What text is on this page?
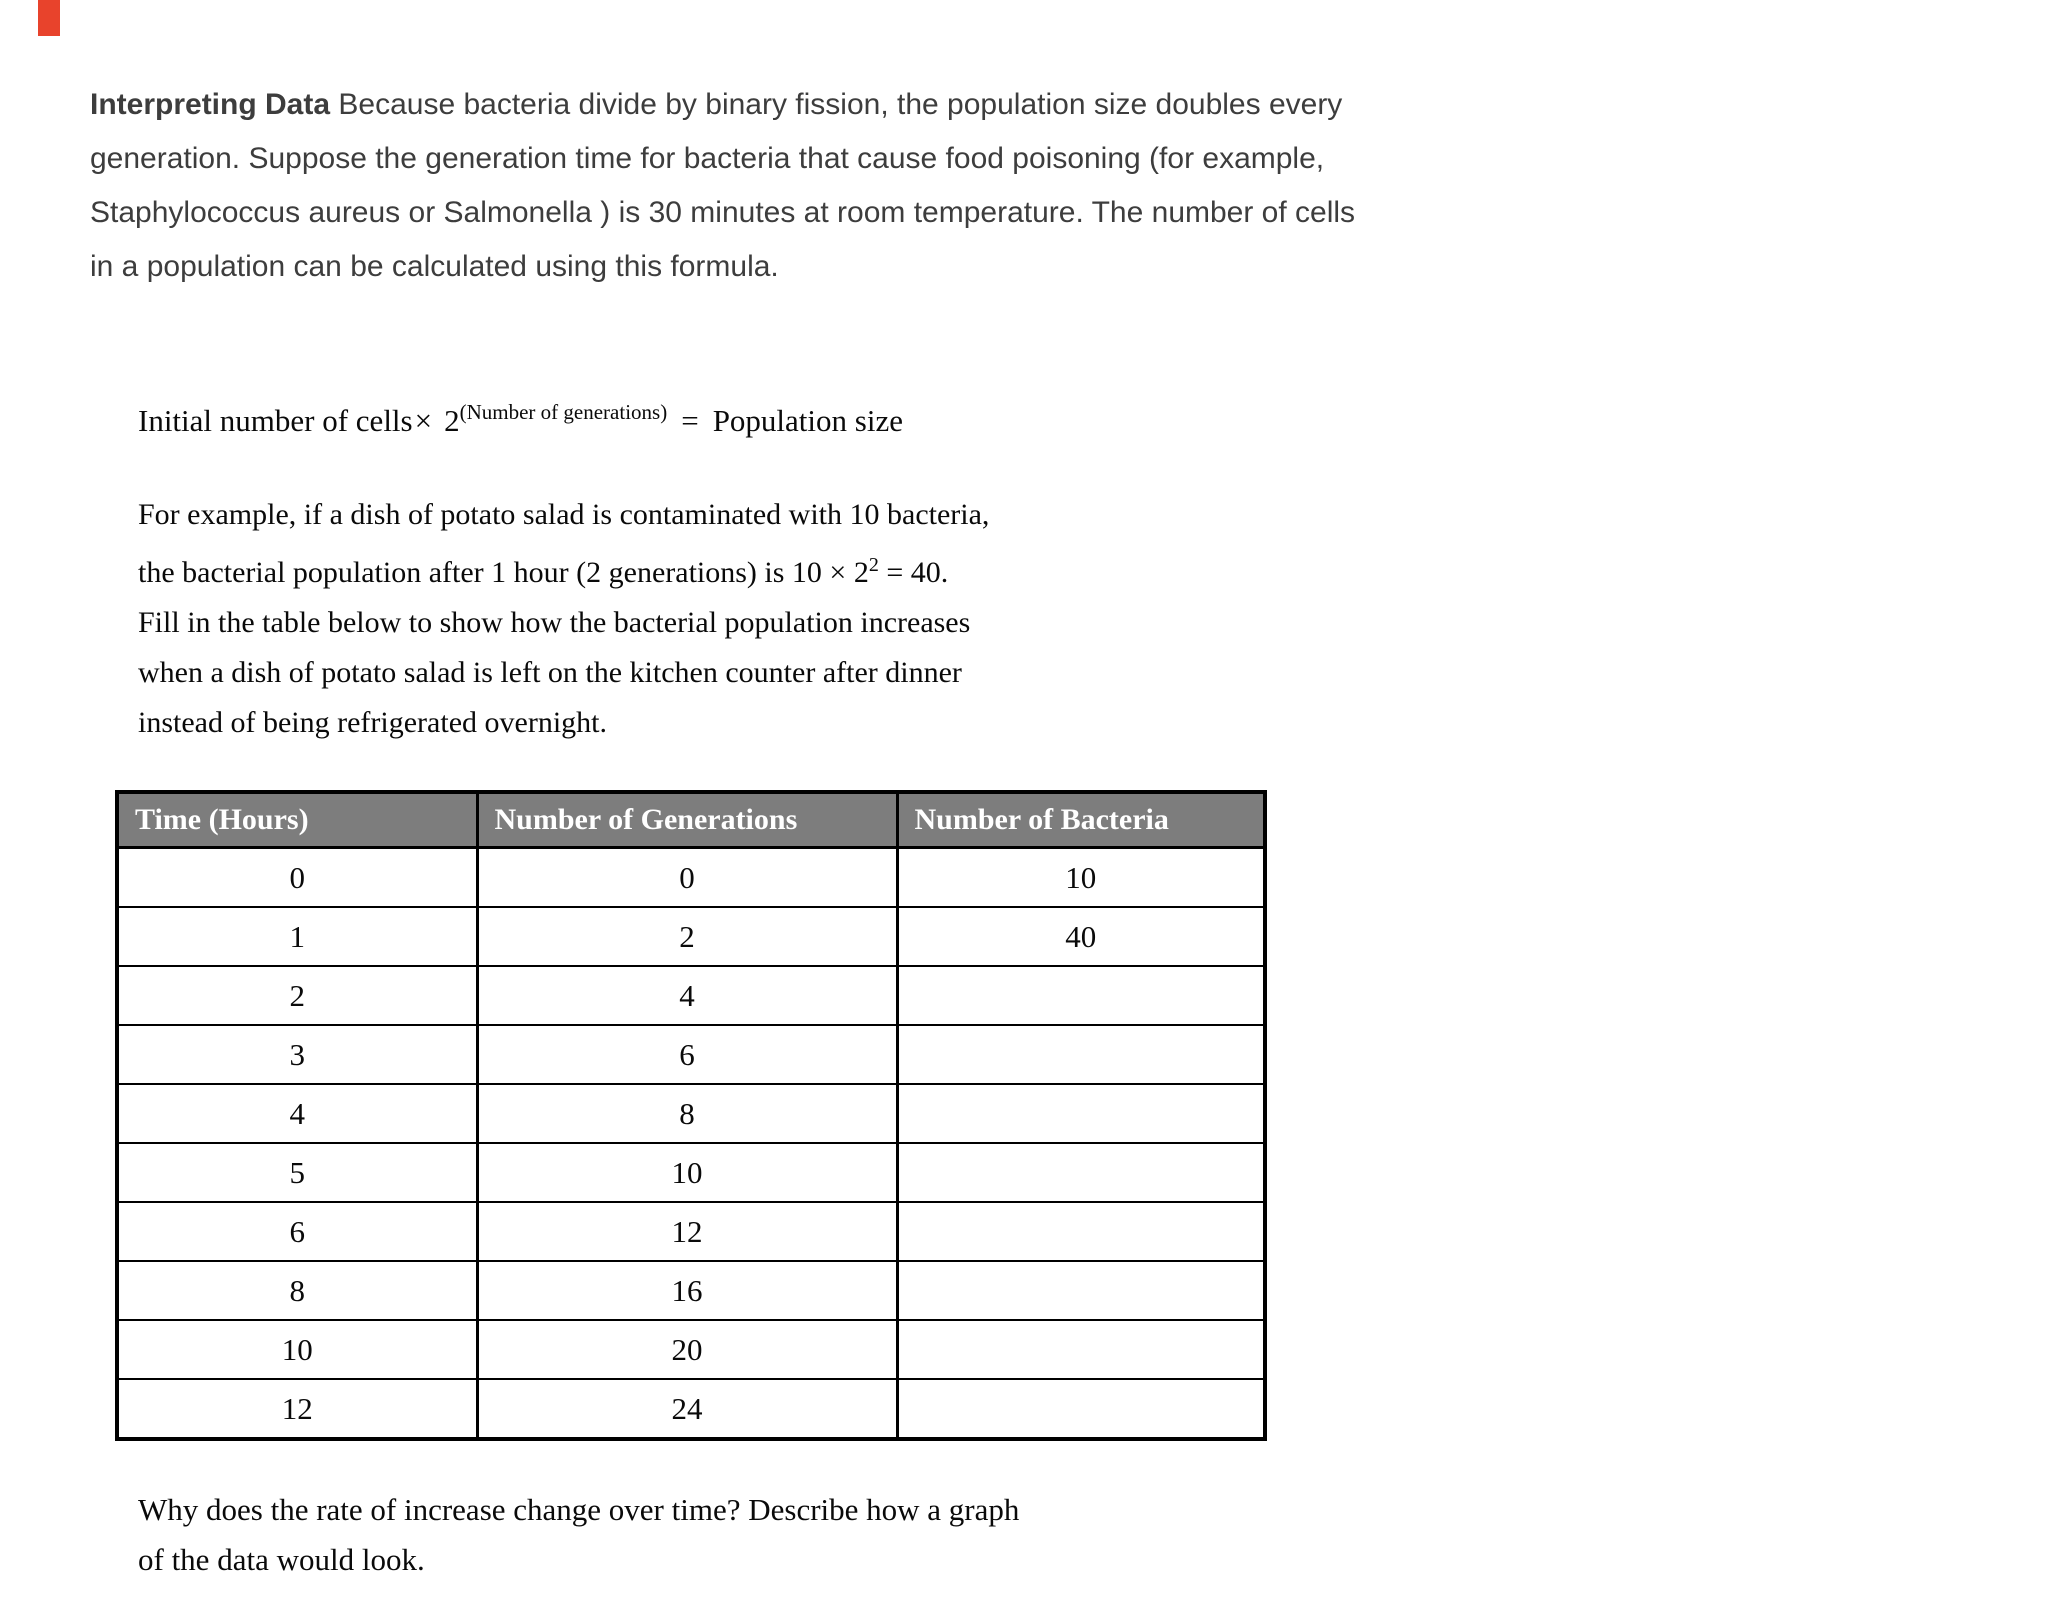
Interpreting Data Because bacteria divide by binary fission, the population size doubles every
generation. Suppose the generation time for bacteria that cause food poisoning (for example,
Staphylococcus aureus or Salmonella ) is 30 minutes at room temperature. The number of cells
in a population can be calculated using this formula.
Initial number of cells× $2^{(Number of generations)}$ = Population size
For example, if a dish of potato salad is contaminated with 10 bacteria,
the bacterial population after 1 hour (2 generations) is $10 \times 2^2 = 40$.
Fill in the table below to show how the bacterial population increases
when a dish of potato salad is left on the kitchen counter after dinner
instead of being refrigerated overnight.
Time (Hours)	Number of Generations	Number of Bacteria
0	0	10
1	2	40
2	4	
3	6	
4	8	
5	10	
6	12	
8	16	
10	20	
12	24	
Why does the rate of increase change over time? Describe how a graph
of the data would look.
